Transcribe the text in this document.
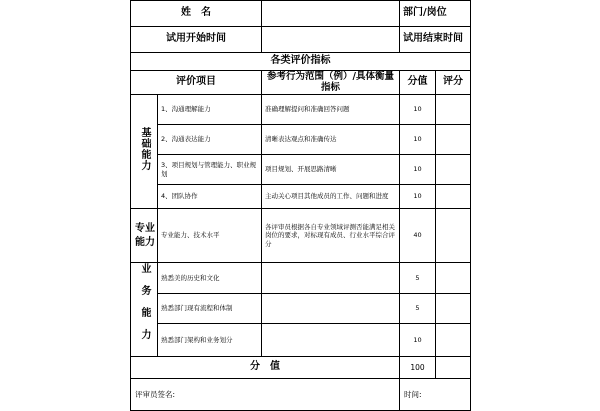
姓　名			部门/岗位	
试用开始时间			试用结束时间	
各类评价指标				
评价项目		参考行为范围（例）/具体衡量指标	分值	评分
基础能力	1、沟通理解能力	准确理解提问和准确回答问题	10	
	2、沟通表达能力	清晰表达观点和准确传达	10	
	3、项目规划与管理能力、职业规划	项目规划、开展思路清晰	10	
	4、团队协作	主动关心项目其他成员的工作、问题和进度	10	
专业能力	专业能力、技术水平	各评审员根据各自专业领域评测否能满足相关岗位的要求，对标现有成员、行业水平综合评分	40	
业务能力	熟悉美的历史和文化		5	
	熟悉部门现有流程和体制		5	
	熟悉部门架构和业务划分		10	
分　值			100	
评审员签名:			时间:	
